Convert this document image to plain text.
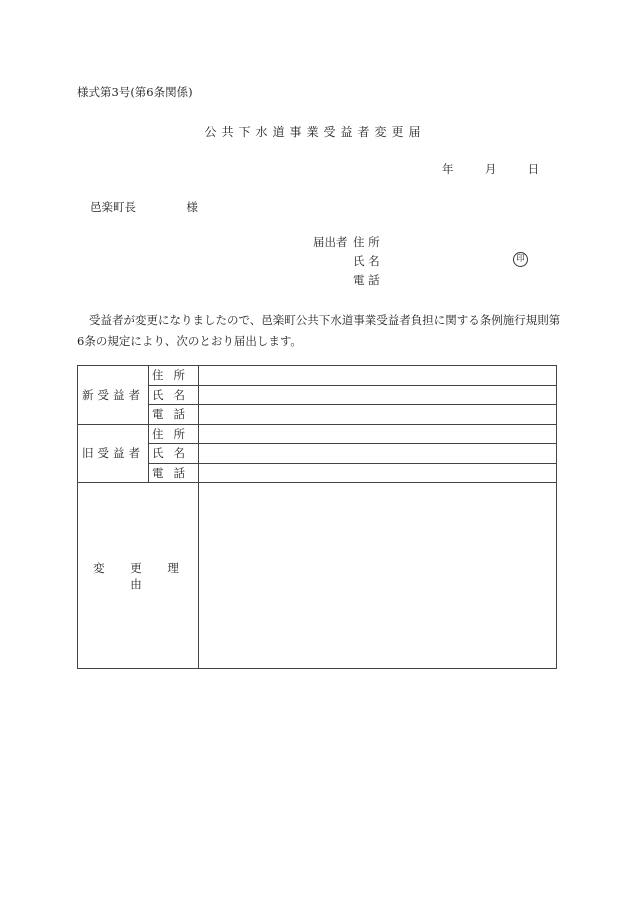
様式第3号(第6条関係)
公共下水道事業受益者変更届
年	月	日
邑楽町長	様
届出者 住 所
氏 名
電 話
印
受益者が変更になりましたので、邑楽町公共下水道事業受益者負担に関する条例施行規則第6条の規定により、次のとおり届出します。
新受益者	住所	
	氏名	
	電話	
旧受益者	住所	
	氏名	
	電話	
変 更 理 由		
